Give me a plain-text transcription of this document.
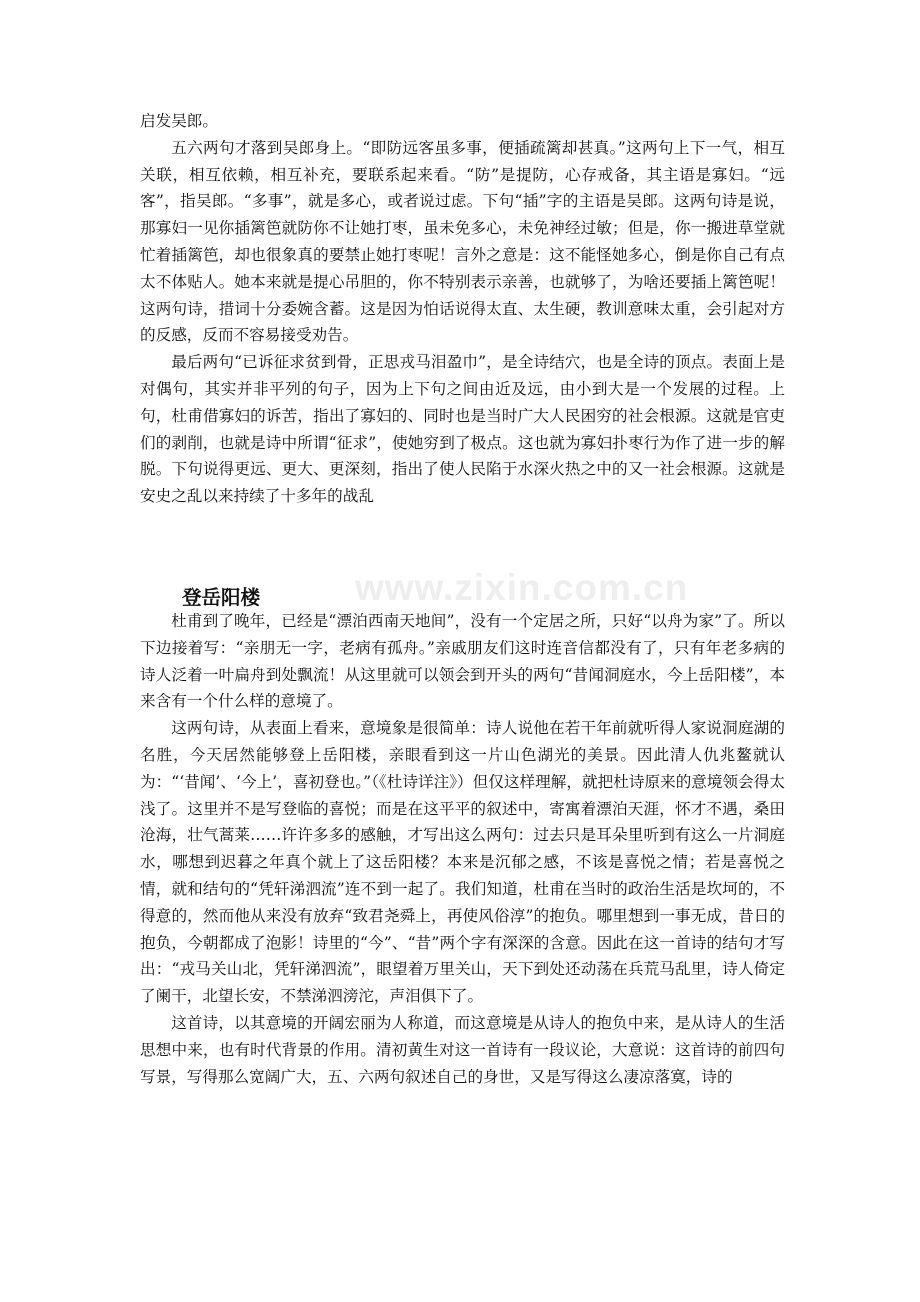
启发吴郎。

五六两句才落到吴郎身上。“即防远客虽多事，便插疏篱却甚真。”这两句上下一气，相互关联，相互依赖，相互补充，要联系起来看。“防”是提防，心存戒备，其主语是寡妇。“远客”，指吴郎。“多事”，就是多心，或者说过虑。下句“插”字的主语是吴郎。这两句诗是说，那寡妇一见你插篱笆就防你不让她打枣，虽未免多心，未免神经过敏；但是，你一搬进草堂就忙着插篱笆，却也很象真的要禁止她打枣呢！言外之意是：这不能怪她多心，倒是你自己有点太不体贴人。她本来就是提心吊胆的，你不特别表示亲善，也就够了，为啥还要插上篱笆呢！这两句诗，措词十分委婉含蓄。这是因为怕话说得太直、太生硬，教训意味太重，会引起对方的反感，反而不容易接受劝告。

最后两句“已诉征求贫到骨，正思戎马泪盈巾”，是全诗结穴，也是全诗的顶点。表面上是对偶句，其实并非平列的句子，因为上下句之间由近及远，由小到大是一个发展的过程。上句，杜甫借寡妇的诉苦，指出了寡妇的、同时也是当时广大人民困穷的社会根源。这就是官吏们的剥削，也就是诗中所谓“征求”，使她穷到了极点。这也就为寡妇扑枣行为作了进一步的解脱。下句说得更远、更大、更深刻，指出了使人民陷于水深火热之中的又一社会根源。这就是安史之乱以来持续了十多年的战乱

登岳阳楼	www.zixin.com.cn

杜甫到了晚年，已经是“漂泊西南天地间”，没有一个定居之所，只好“以舟为家”了。所以下边接着写：“亲朋无一字，老病有孤舟。”亲戚朋友们这时连音信都没有了，只有年老多病的诗人泛着一叶扁舟到处飘流！从这里就可以领会到开头的两句“昔闻洞庭水，今上岳阳楼”，本来含有一个什么样的意境了。

这两句诗，从表面上看来，意境象是很简单：诗人说他在若干年前就听得人家说洞庭湖的名胜，今天居然能够登上岳阳楼，亲眼看到这一片山色湖光的美景。因此清人仇兆鳌就认为：“‘昔闻’、‘今上’，喜初登也。”（《杜诗详注》）但仅这样理解，就把杜诗原来的意境领会得太浅了。这里并不是写登临的喜悦；而是在这平平的叙述中，寄寓着漂泊天涯，怀才不遇，桑田沧海，壮气蒿莱……许许多多的感触，才写出这么两句：过去只是耳朵里听到有这么一片洞庭水，哪想到迟暮之年真个就上了这岳阳楼？本来是沉郁之感，不该是喜悦之情；若是喜悦之情，就和结句的“凭轩涕泗流”连不到一起了。我们知道，杜甫在当时的政治生活是坎坷的，不得意的，然而他从来没有放弃“致君尧舜上，再使风俗淳”的抱负。哪里想到一事无成，昔日的抱负，今朝都成了泡影！诗里的“今”、“昔”两个字有深深的含意。因此在这一首诗的结句才写出：“戎马关山北，凭轩涕泗流”，眼望着万里关山，天下到处还动荡在兵荒马乱里，诗人倚定了阑干，北望长安，不禁涕泗滂沱，声泪俱下了。

这首诗，以其意境的开阔宏丽为人称道，而这意境是从诗人的抱负中来，是从诗人的生活思想中来，也有时代背景的作用。清初黄生对这一首诗有一段议论，大意说：这首诗的前四句写景，写得那么宽阔广大，五、六两句叙述自己的身世，又是写得这么凄凉落寞，诗的
